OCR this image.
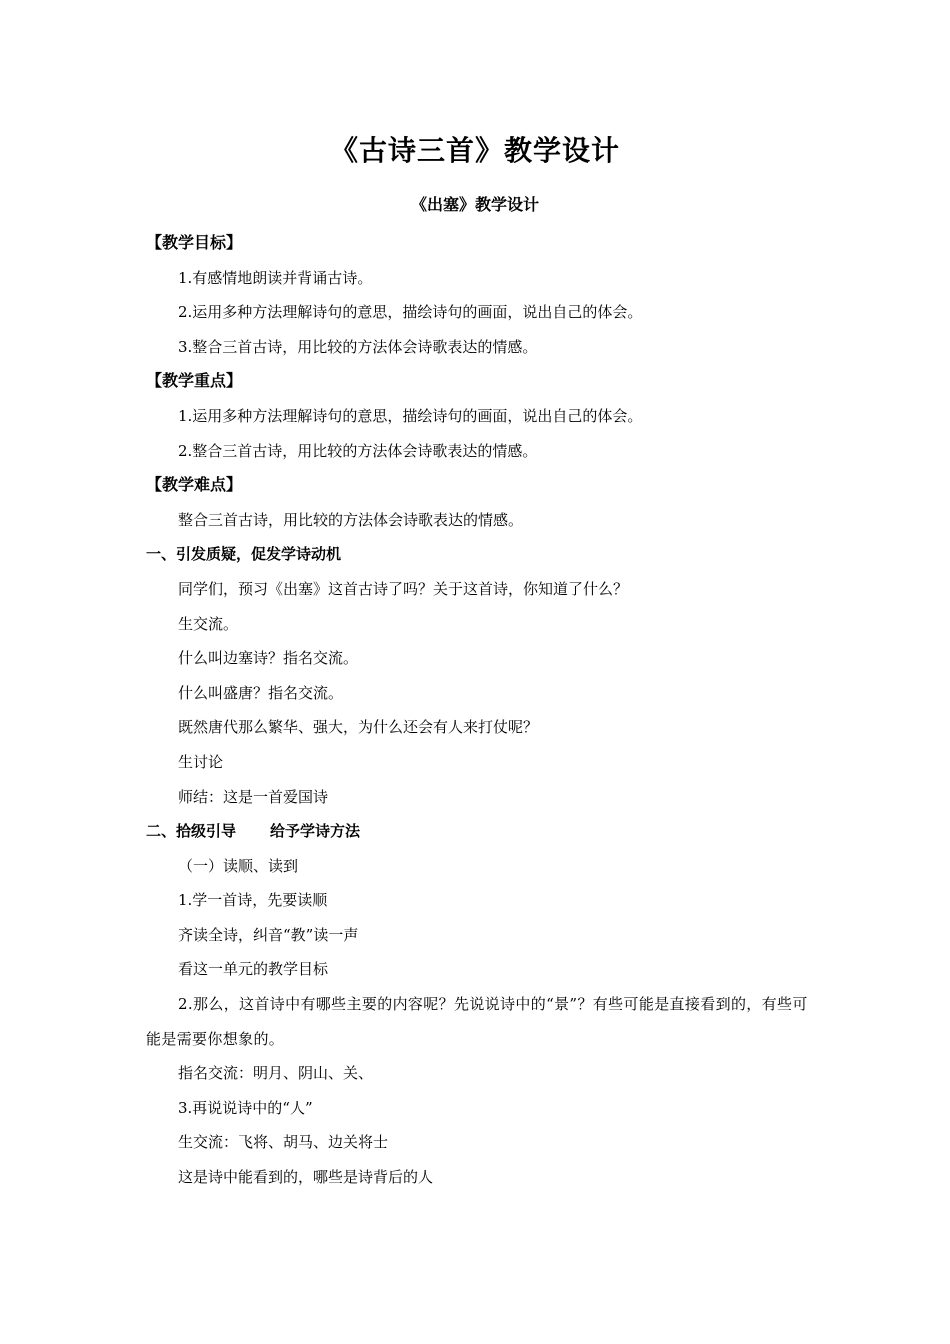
《古诗三首》教学设计
《出塞》教学设计
【教学目标】
1.有感情地朗读并背诵古诗。
2.运用多种方法理解诗句的意思，描绘诗句的画面，说出自己的体会。
3.整合三首古诗，用比较的方法体会诗歌表达的情感。
【教学重点】
1.运用多种方法理解诗句的意思，描绘诗句的画面，说出自己的体会。
2.整合三首古诗，用比较的方法体会诗歌表达的情感。
【教学难点】
整合三首古诗，用比较的方法体会诗歌表达的情感。
一、引发质疑，促发学诗动机
同学们，预习《出塞》这首古诗了吗？关于这首诗，你知道了什么？
生交流。
什么叫边塞诗？指名交流。
什么叫盛唐？指名交流。
既然唐代那么繁华、强大，为什么还会有人来打仗呢？
生讨论
师结：这是一首爱国诗
二、拾级引导 给予学诗方法
（一）读顺、读到
1.学一首诗，先要读顺
齐读全诗，纠音“教”读一声
看这一单元的教学目标
2.那么，这首诗中有哪些主要的内容呢？先说说诗中的“景”？有些可能是直接看到的，有些可能是需要你想象的。
指名交流：明月、阴山、关、
3.再说说诗中的“人”
生交流：飞将、胡马、边关将士
这是诗中能看到的，哪些是诗背后的人
